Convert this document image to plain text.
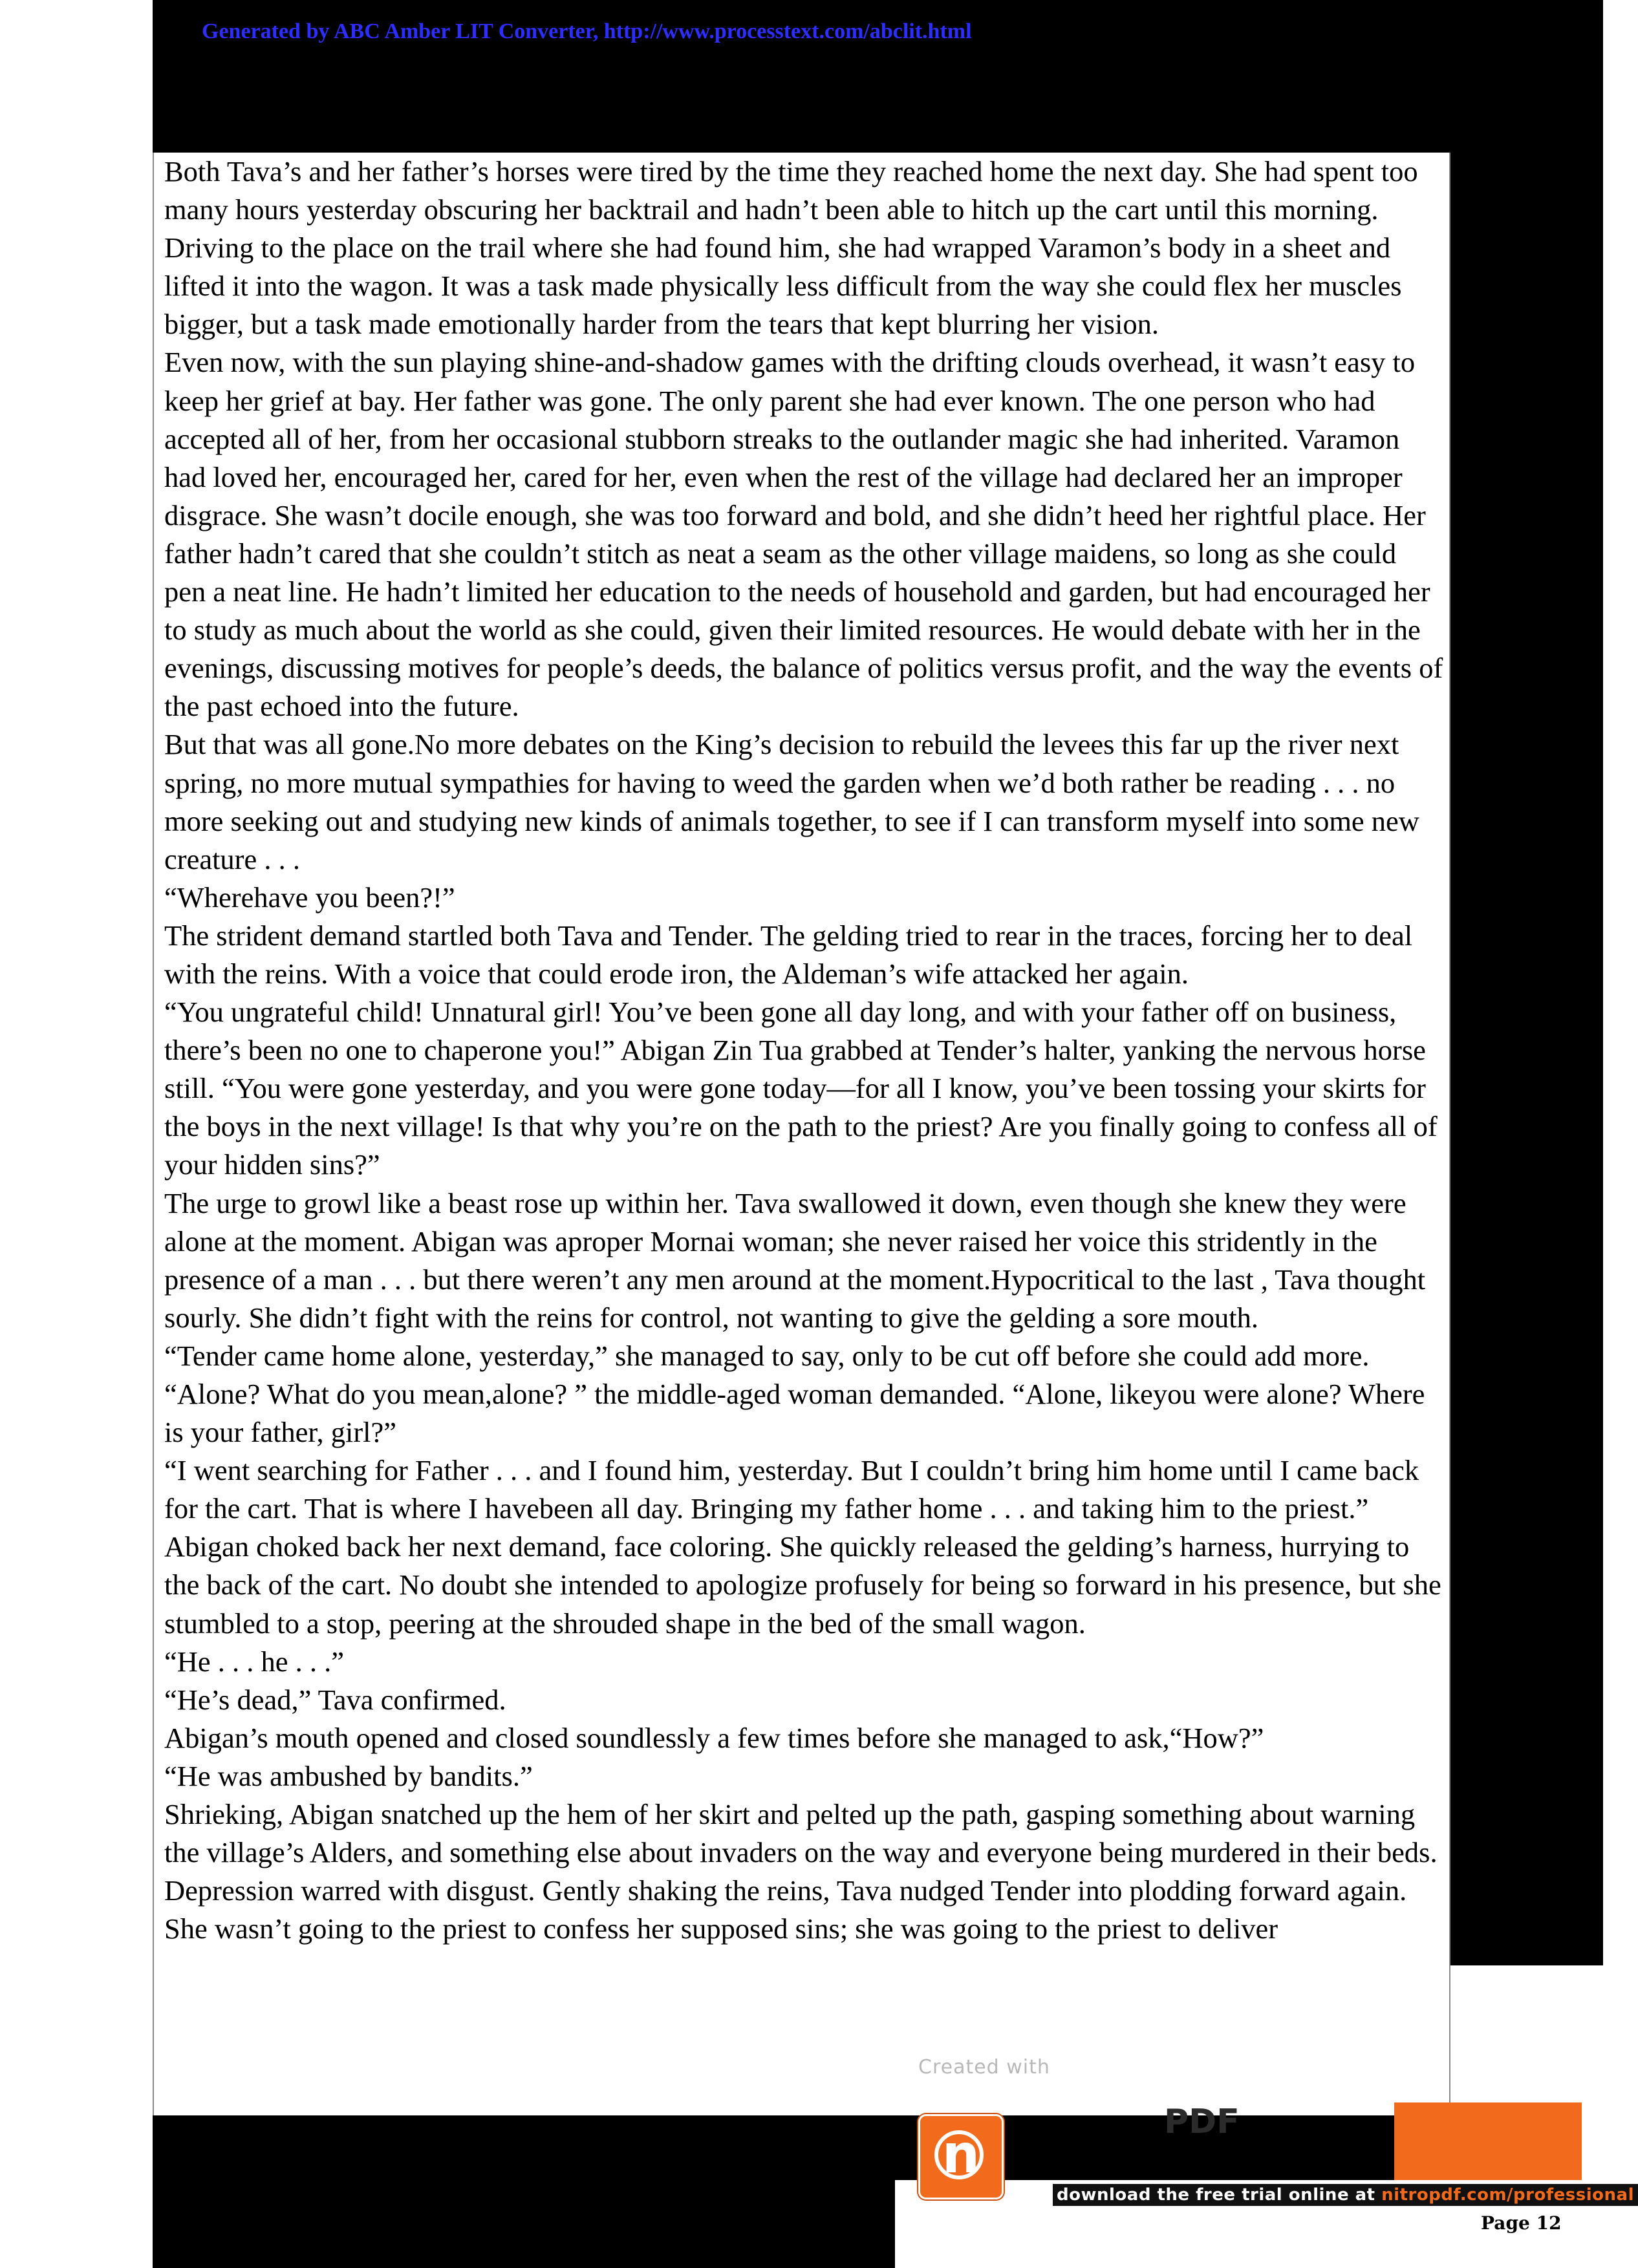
Generated by ABC Amber LIT Converter, http://www.processtext.com/abclit.html

Both Tava’s and her father’s horses were tired by the time they reached home the next day. She had spent too many hours yesterday obscuring her backtrail and hadn’t been able to hitch up the cart until this morning. Driving to the place on the trail where she had found him, she had wrapped Varamon’s body in a sheet and lifted it into the wagon. It was a task made physically less difficult from the way she could flex her muscles bigger, but a task made emotionally harder from the tears that kept blurring her vision.

Even now, with the sun playing shine-and-shadow games with the drifting clouds overhead, it wasn’t easy to keep her grief at bay. Her father was gone. The only parent she had ever known. The one person who had accepted all of her, from her occasional stubborn streaks to the outlander magic she had inherited. Varamon had loved her, encouraged her, cared for her, even when the rest of the village had declared her an improper disgrace. She wasn’t docile enough, she was too forward and bold, and she didn’t heed her rightful place. Her father hadn’t cared that she couldn’t stitch as neat a seam as the other village maidens, so long as she could pen a neat line. He hadn’t limited her education to the needs of household and garden, but had encouraged her to study as much about the world as she could, given their limited resources. He would debate with her in the evenings, discussing motives for people’s deeds, the balance of politics versus profit, and the way the events of the past echoed into the future.

But that was all gone.No more debates on the King’s decision to rebuild the levees this far up the river next spring, no more mutual sympathies for having to weed the garden when we’d both rather be reading . . . no more seeking out and studying new kinds of animals together, to see if I can transform myself into some new creature . . .

“Wherehave you been?!”

The strident demand startled both Tava and Tender. The gelding tried to rear in the traces, forcing her to deal with the reins. With a voice that could erode iron, the Aldeman’s wife attacked her again.

“You ungrateful child! Unnatural girl! You’ve been gone all day long, and with your father off on business, there’s been no one to chaperone you!” Abigan Zin Tua grabbed at Tender’s halter, yanking the nervous horse still. “You were gone yesterday, and you were gone today—for all I know, you’ve been tossing your skirts for the boys in the next village! Is that why you’re on the path to the priest? Are you finally going to confess all of your hidden sins?”

The urge to growl like a beast rose up within her. Tava swallowed it down, even though she knew they were alone at the moment. Abigan was aproper Mornai woman; she never raised her voice this stridently in the presence of a man . . . but there weren’t any men around at the moment.Hypocritical to the last , Tava thought sourly. She didn’t fight with the reins for control, not wanting to give the gelding a sore mouth.

“Tender came home alone, yesterday,” she managed to say, only to be cut off before she could add more.

“Alone? What do you mean,alone? ” the middle-aged woman demanded. “Alone, likeyou were alone? Where is your father, girl?”

“I went searching for Father . . . and I found him, yesterday. But I couldn’t bring him home until I came back for the cart. That is where I havebeen all day. Bringing my father home . . . and taking him to the priest.”

Abigan choked back her next demand, face coloring. She quickly released the gelding’s harness, hurrying to the back of the cart. No doubt she intended to apologize profusely for being so forward in his presence, but she stumbled to a stop, peering at the shrouded shape in the bed of the small wagon.

“He . . . he . . .”

“He’s dead,” Tava confirmed.

Abigan’s mouth opened and closed soundlessly a few times before she managed to ask,“How?”

“He was ambushed by bandits.”

Shrieking, Abigan snatched up the hem of her skirt and pelted up the path, gasping something about warning the village’s Alders, and something else about invaders on the way and everyone being murdered in their beds.

Depression warred with disgust. Gently shaking the reins, Tava nudged Tender into plodding forward again. She wasn’t going to the priest to confess her supposed sins; she was going to the priest to deliver

Created with
n
PDF
download the free trial online at nitropdf.com/professional
Page 12
